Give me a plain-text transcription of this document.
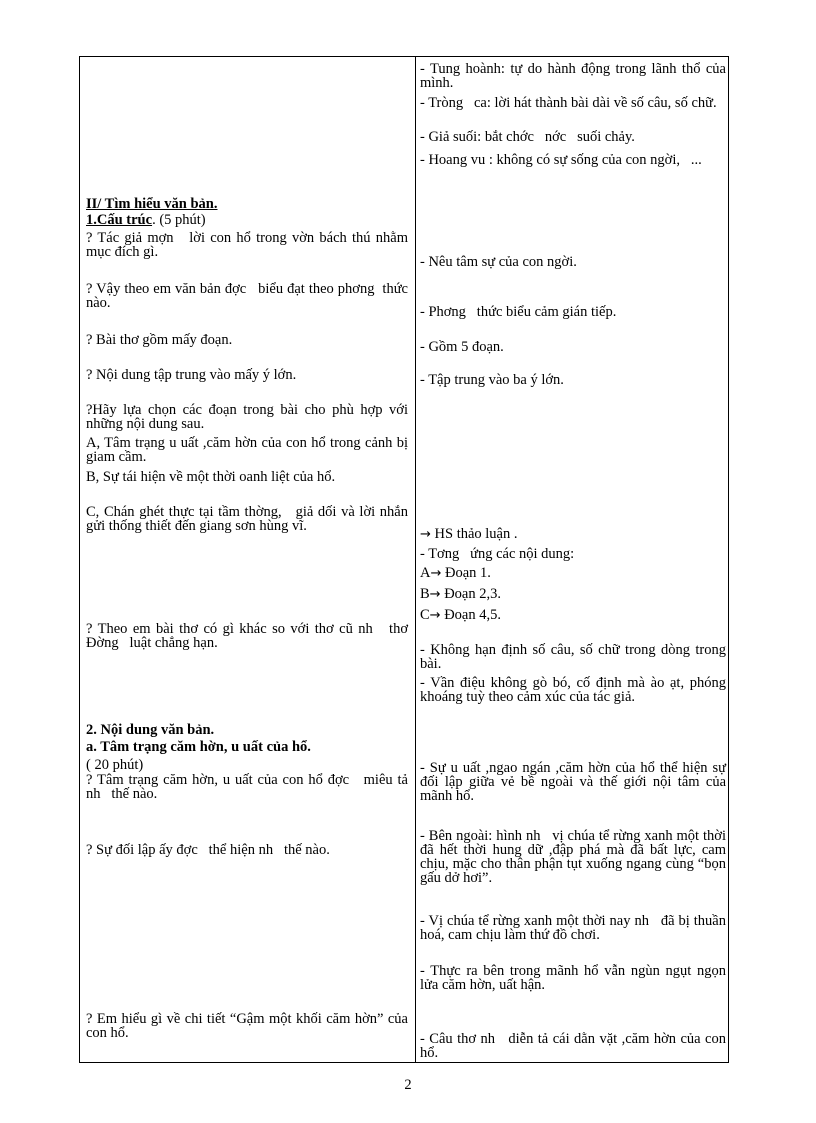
II/ Tìm hiểu văn bản.
1.Cấu trúc. (5 phút)
? Tác giả mợn   lời con hổ trong vờn bách thú nhằm mục đích gì.
? Vậy theo em văn bản đợc   biểu đạt theo phơng  thức nào.
? Bài thơ gồm mấy đoạn.
? Nội dung tập trung vào mấy ý lớn.
?Hãy lựa chọn các đoạn trong bài cho phù hợp với những nội dung sau.
A, Tâm trạng u uất ,căm hờn của con hổ trong cảnh bị giam cầm.
B, Sự tái hiện về một thời oanh liệt của hổ.
C, Chán ghét thực tại tầm thờng,   giả dối và lời nhắn gửi thống thiết đến giang sơn hùng vĩ.
? Theo em bài thơ có gì khác so với thơ cũ nh   thơ Đờng   luật chẳng hạn.
2. Nội dung văn bản.
a. Tâm trạng căm hờn, u uất của hổ.
( 20 phút)
? Tâm trạng căm hờn, u uất của con hổ đợc   miêu tả nh   thế nào.
? Sự đối lập ấy đợc   thể hiện nh   thế nào.
? Em hiểu gì về chi tiết “Gậm một khối căm hờn” của con hổ.
- Tung hoành: tự do hành động trong lãnh thổ của mình.
- Tròng   ca: lời hát thành bài dài về số câu, số chữ.
- Giả suối: bắt chớc   nớc   suối chảy.
- Hoang vu : không có sự sống của con ngời,   ...
- Nêu tâm sự của con ngời.
- Phơng   thức biểu cảm gián tiếp.
- Gồm 5 đoạn.
- Tập trung vào ba ý lớn.
→ HS thảo luận .
- Tơng   ứng các nội dung:
A→ Đoạn 1.
B→ Đoạn 2,3.
C→ Đoạn 4,5.
- Không hạn định số câu, số chữ trong dòng trong bài.
- Vần điệu không gò bó, cố định mà ào ạt, phóng khoáng tuỳ theo cảm xúc của tác giả.
- Sự u uất ,ngao ngán ,căm hờn của hổ thể hiện sự đối lập giữa vẻ bề ngoài và thế giới nội tâm của mãnh hổ.
- Bên ngoài: hình nh   vị chúa tể rừng xanh một thời đã hết thời hung dữ ,đập phá mà đã bất lực, cam chịu, mặc cho thân phận tụt xuống ngang cùng “bọn gấu dở hơi”.
- Vị chúa tể rừng xanh một thời nay nh   đã bị thuần hoá, cam chịu làm thứ đồ chơi.
- Thực ra bên trong mãnh hổ vẫn ngùn ngụt ngọn lửa căm hờn, uất hận.
- Câu thơ nh   diễn tả cái dằn vặt ,căm hờn của con hổ.
2
